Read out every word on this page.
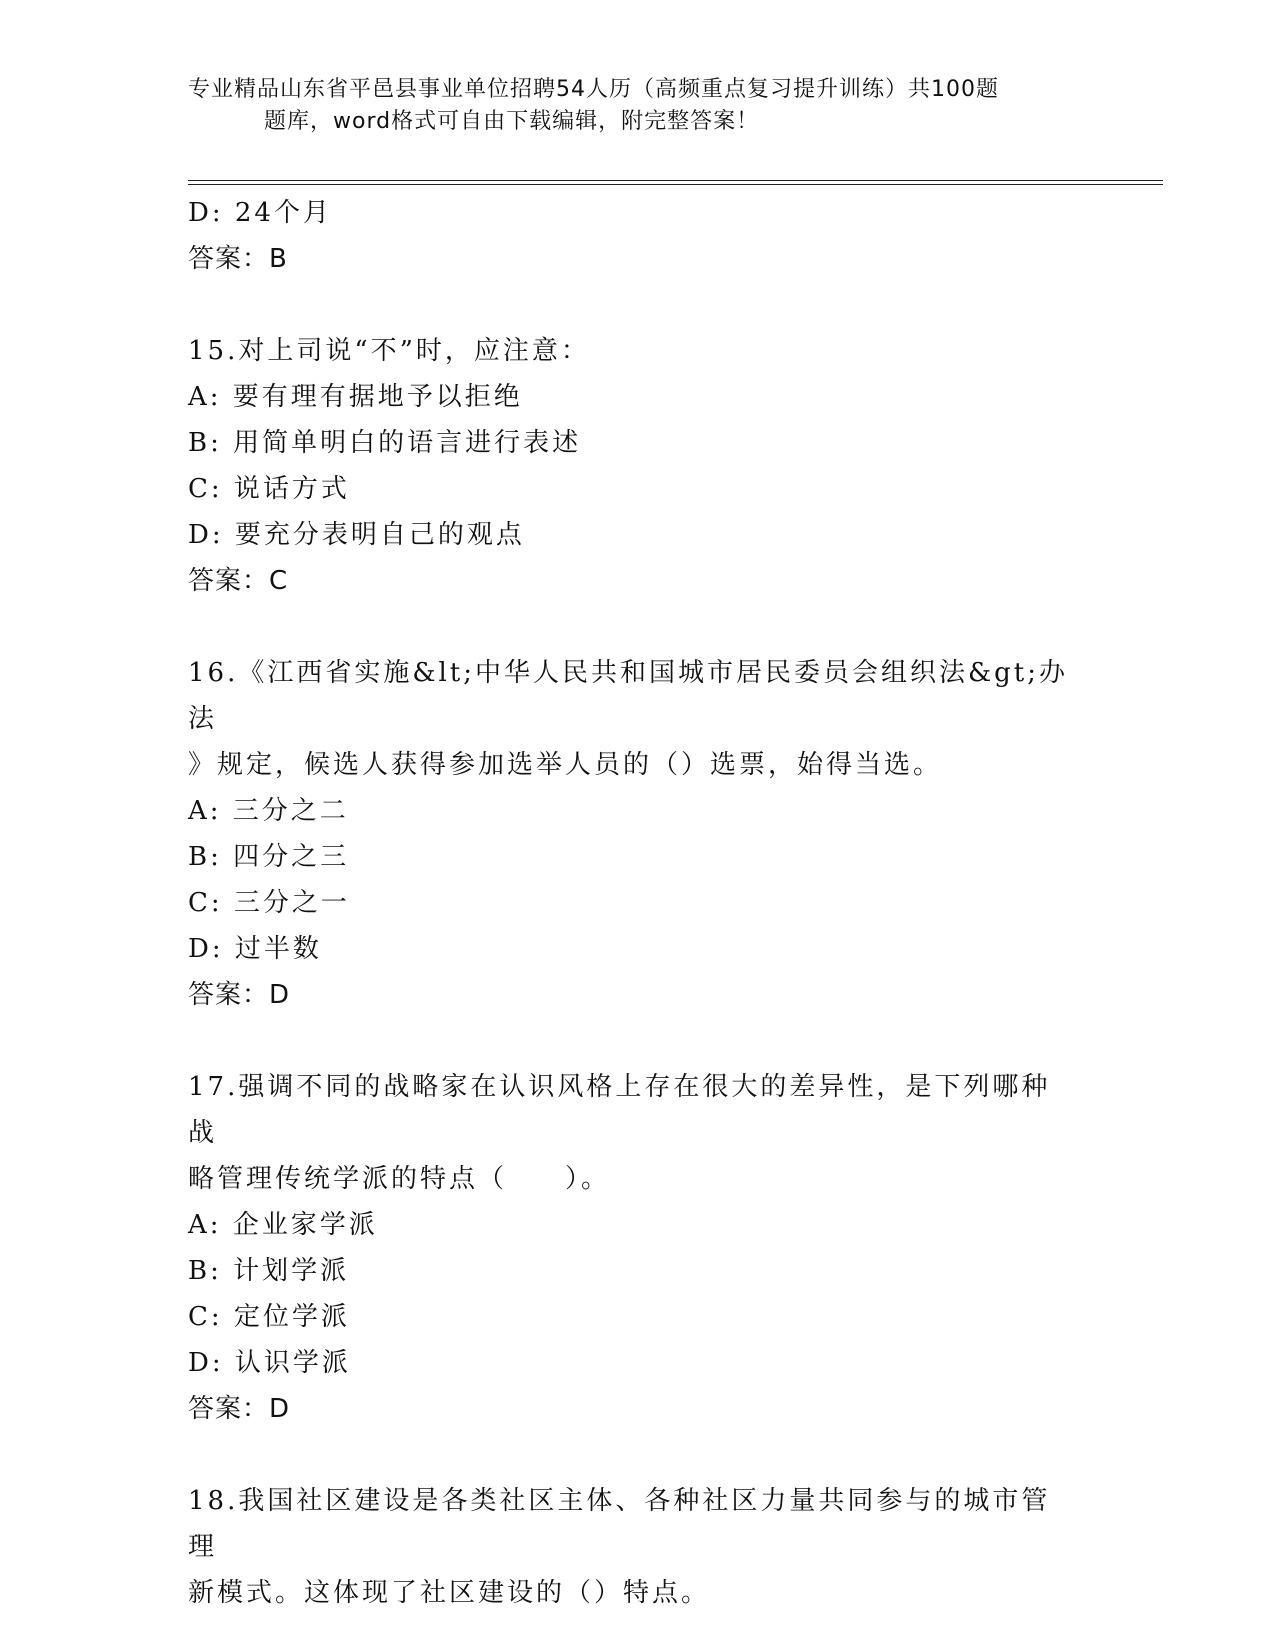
专业精品山东省平邑县事业单位招聘54人历（高频重点复习提升训练）共100题
题库，word格式可自由下载编辑，附完整答案！
D: 24个月
答案：B
15.对上司说“不”时，应注意：
A: 要有理有据地予以拒绝
B: 用简单明白的语言进行表述
C: 说话方式
D: 要充分表明自己的观点
答案：C
16.《江西省实施&lt;中华人民共和国城市居民委员会组织法&gt;办法
》规定，候选人获得参加选举人员的（）选票，始得当选。
A: 三分之二
B: 四分之三
C: 三分之一
D: 过半数
答案：D
17.强调不同的战略家在认识风格上存在很大的差异性，是下列哪种战
略管理传统学派的特点（　　）。
A: 企业家学派
B: 计划学派
C: 定位学派
D: 认识学派
答案：D
18.我国社区建设是各类社区主体、各种社区力量共同参与的城市管理
新模式。这体现了社区建设的（）特点。
